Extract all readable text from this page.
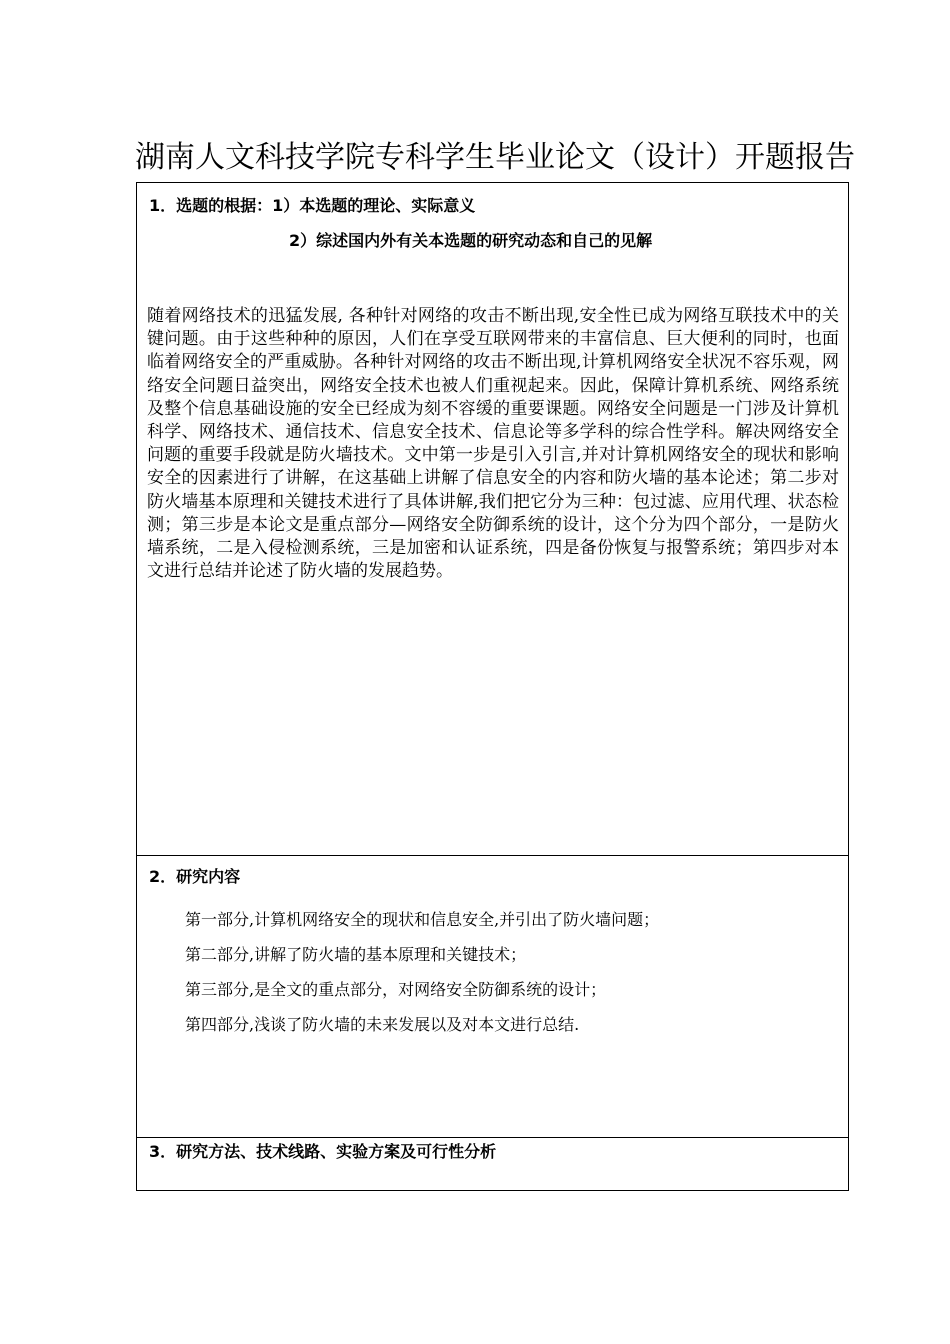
湖南人文科技学院专科学生毕业论文（设计）开题报告
1．选题的根据：1）本选题的理论、实际意义
2）综述国内外有关本选题的研究动态和自己的见解
随着网络技术的迅猛发展, 各种针对网络的攻击不断出现,安全性已成为网络互联技术中的关键问题。由于这些种种的原因，人们在享受互联网带来的丰富信息、巨大便利的同时，也面临着网络安全的严重威胁。各种针对网络的攻击不断出现,计算机网络安全状况不容乐观，网络安全问题日益突出，网络安全技术也被人们重视起来。因此，保障计算机系统、网络系统及整个信息基础设施的安全已经成为刻不容缓的重要课题。网络安全问题是一门涉及计算机科学、网络技术、通信技术、信息安全技术、信息论等多学科的综合性学科。解决网络安全问题的重要手段就是防火墙技术。文中第一步是引入引言,并对计算机网络安全的现状和影响安全的因素进行了讲解，在这基础上讲解了信息安全的内容和防火墙的基本论述；第二步对防火墙基本原理和关键技术进行了具体讲解,我们把它分为三种：包过滤、应用代理、状态检测；第三步是本论文是重点部分—网络安全防御系统的设计，这个分为四个部分，一是防火墙系统，二是入侵检测系统，三是加密和认证系统，四是备份恢复与报警系统；第四步对本文进行总结并论述了防火墙的发展趋势。
2．研究内容
第一部分,计算机网络安全的现状和信息安全,并引出了防火墙问题；
第二部分,讲解了防火墙的基本原理和关键技术；
第三部分,是全文的重点部分，对网络安全防御系统的设计；
第四部分,浅谈了防火墙的未来发展以及对本文进行总结.
3．研究方法、技术线路、实验方案及可行性分析
